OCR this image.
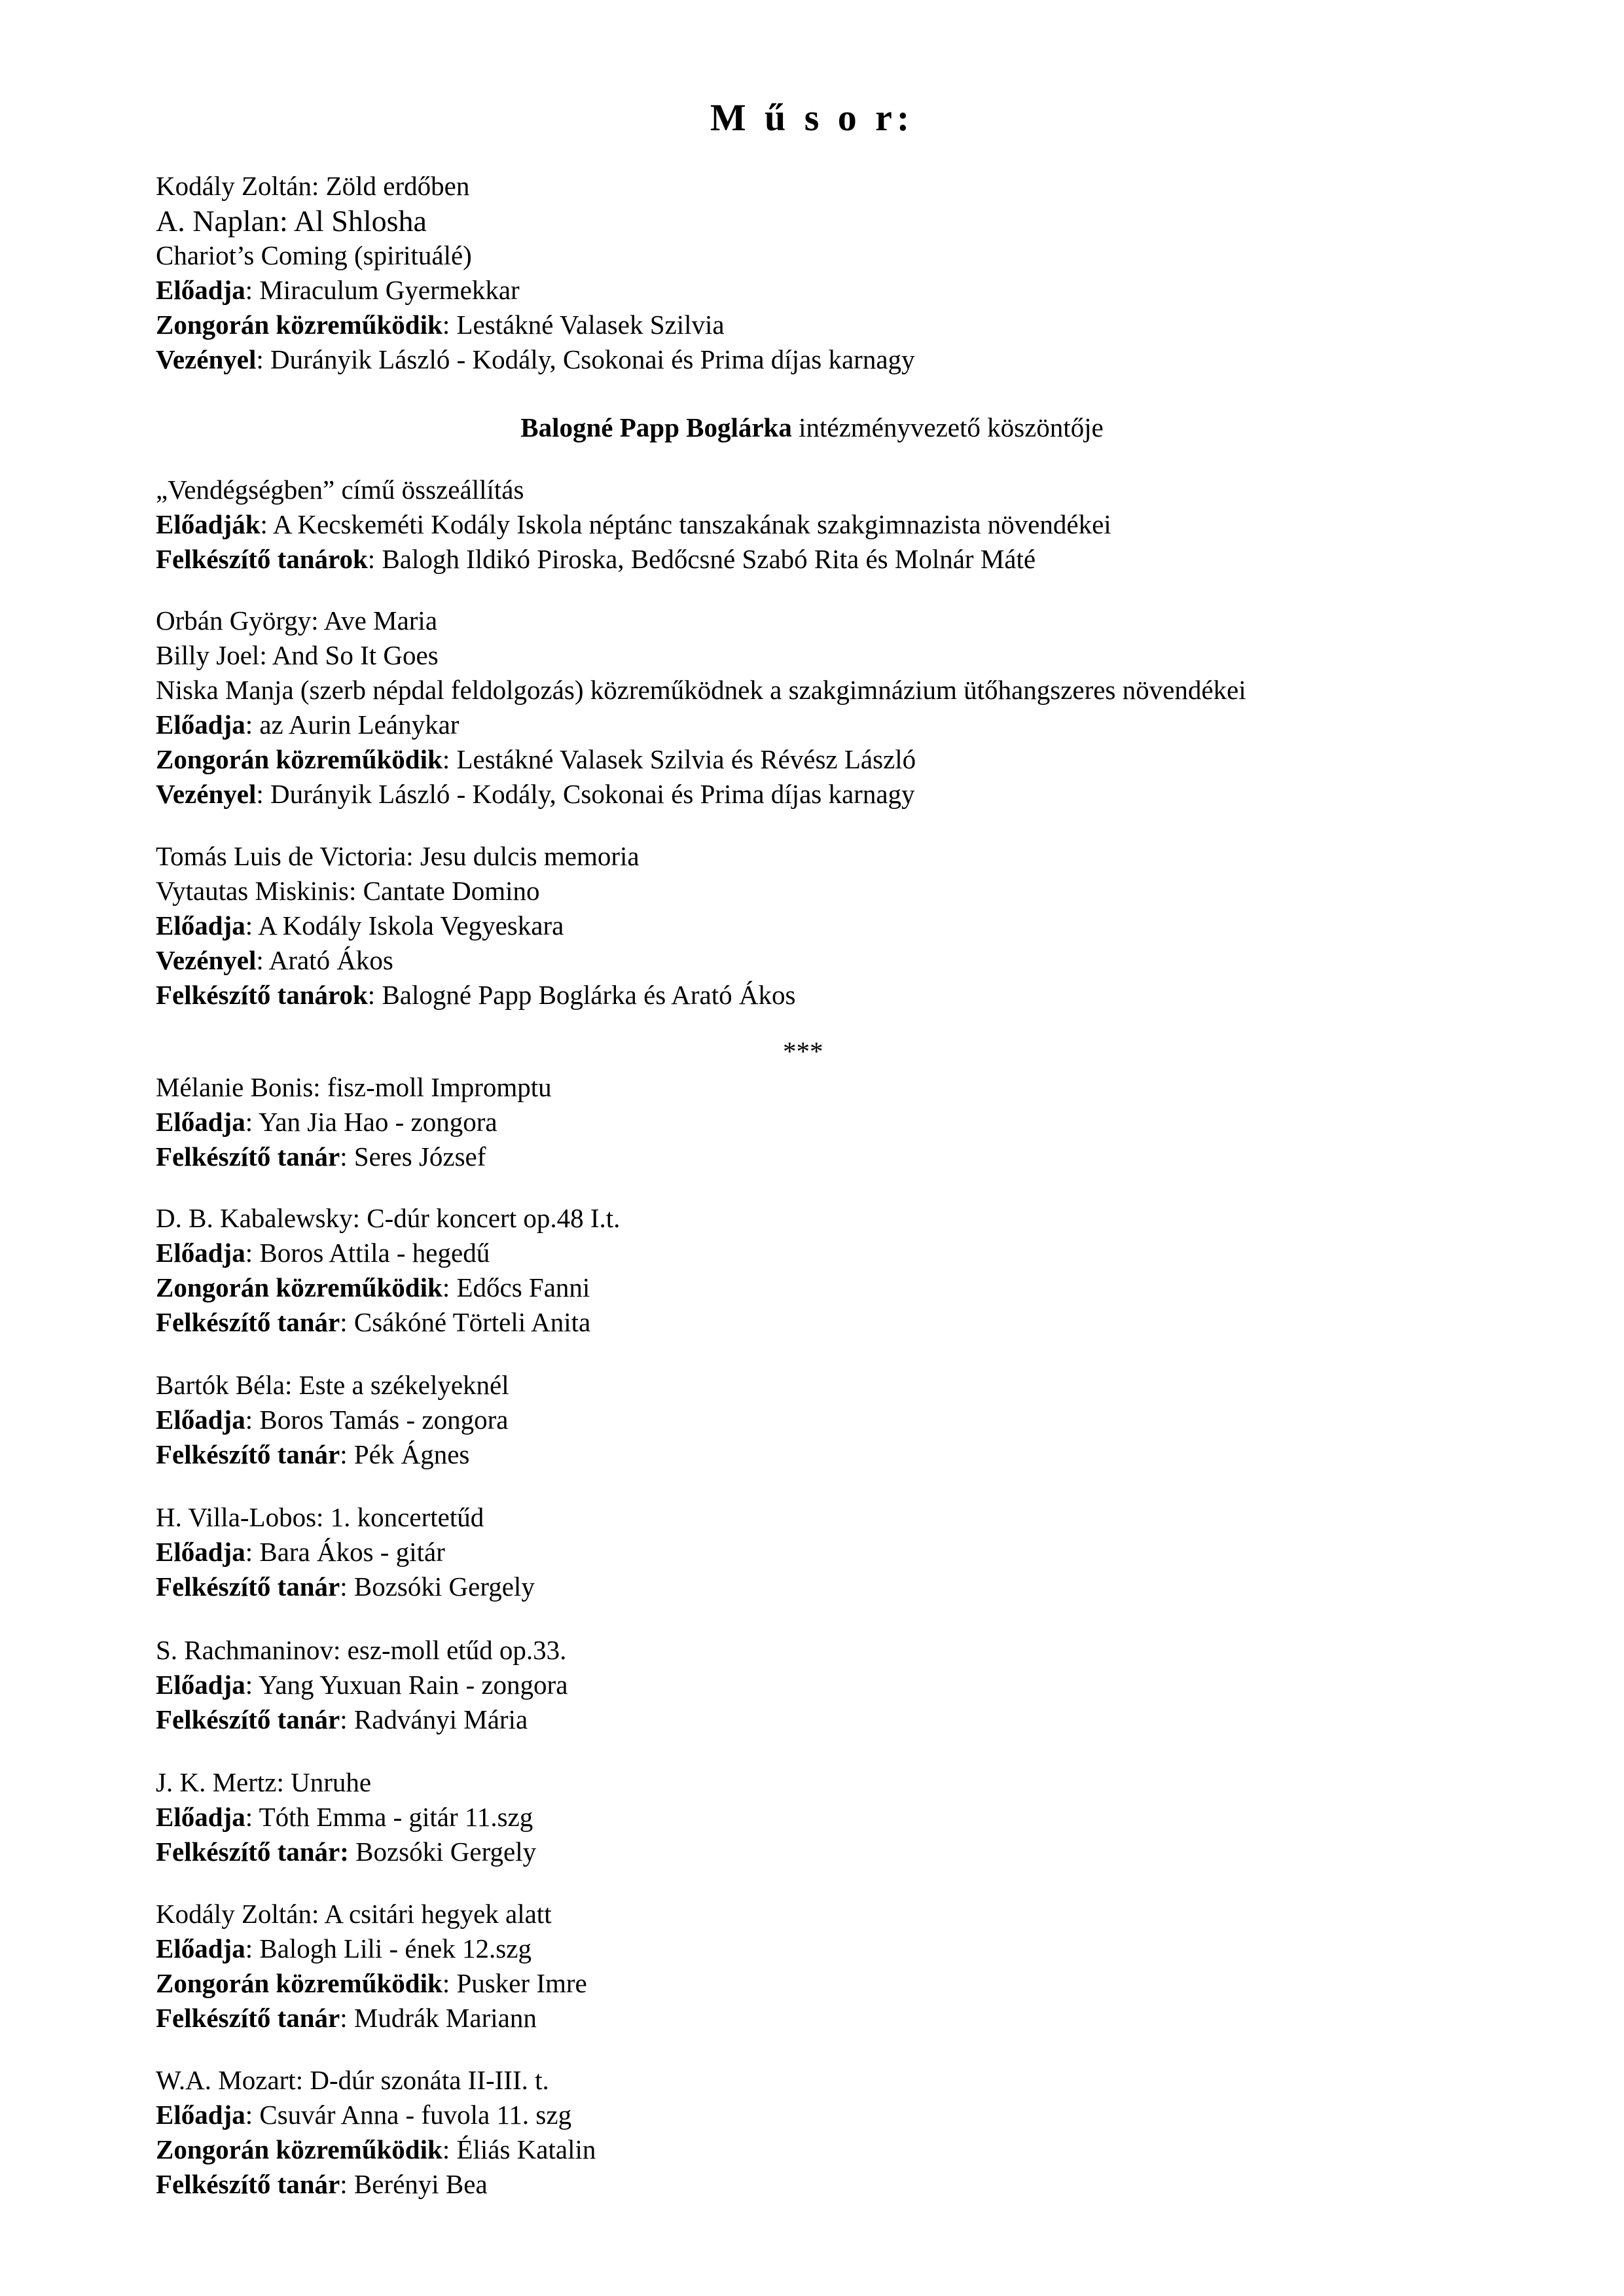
M ű s o r:
Kodály Zoltán: Zöld erdőben
A. Naplan: Al Shlosha
Chariot’s Coming (spirituálé)
Előadja: Miraculum Gyermekkar
Zongorán közreműködik: Lestákné Valasek Szilvia
Vezényel: Durányik László - Kodály, Csokonai és Prima díjas karnagy
Balogné Papp Boglárka intézményvezető köszöntője
„Vendégségben” című összeállítás
Előadják: A Kecskeméti Kodály Iskola néptánc tanszakának szakgimnazista növendékei
Felkészítő tanárok: Balogh Ildikó Piroska, Bedőcsné Szabó Rita és Molnár Máté
Orbán György: Ave Maria
Billy Joel: And So It Goes
Niska Manja (szerb népdal feldolgozás) közreműködnek a szakgimnázium ütőhangszeres növendékei
Előadja: az Aurin Leánykar
Zongorán közreműködik: Lestákné Valasek Szilvia és Révész László
Vezényel: Durányik László - Kodály, Csokonai és Prima díjas karnagy
Tomás Luis de Victoria: Jesu dulcis memoria
Vytautas Miskinis: Cantate Domino
Előadja: A Kodály Iskola Vegyeskara
Vezényel: Arató Ákos
Felkészítő tanárok: Balogné Papp Boglárka és Arató Ákos
***
Mélanie Bonis: fisz-moll Impromptu
Előadja: Yan Jia Hao - zongora
Felkészítő tanár: Seres József
D. B. Kabalewsky: C-dúr koncert op.48 I.t.
Előadja: Boros Attila - hegedű
Zongorán közreműködik: Edőcs Fanni
Felkészítő tanár: Csákóné Törteli Anita
Bartók Béla: Este a székelyeknél
Előadja: Boros Tamás - zongora
Felkészítő tanár: Pék Ágnes
H. Villa-Lobos: 1. koncertetűd
Előadja: Bara Ákos - gitár
Felkészítő tanár: Bozsóki Gergely
S. Rachmaninov: esz-moll etűd op.33.
Előadja: Yang Yuxuan Rain - zongora
Felkészítő tanár: Radványi Mária
J. K. Mertz: Unruhe
Előadja: Tóth Emma - gitár 11.szg
Felkészítő tanár: Bozsóki Gergely
Kodály Zoltán: A csitári hegyek alatt
Előadja: Balogh Lili - ének 12.szg
Zongorán közreműködik: Pusker Imre
Felkészítő tanár: Mudrák Mariann
W.A. Mozart: D-dúr szonáta II-III. t.
Előadja: Csuvár Anna - fuvola 11. szg
Zongorán közreműködik: Éliás Katalin
Felkészítő tanár: Berényi Bea
